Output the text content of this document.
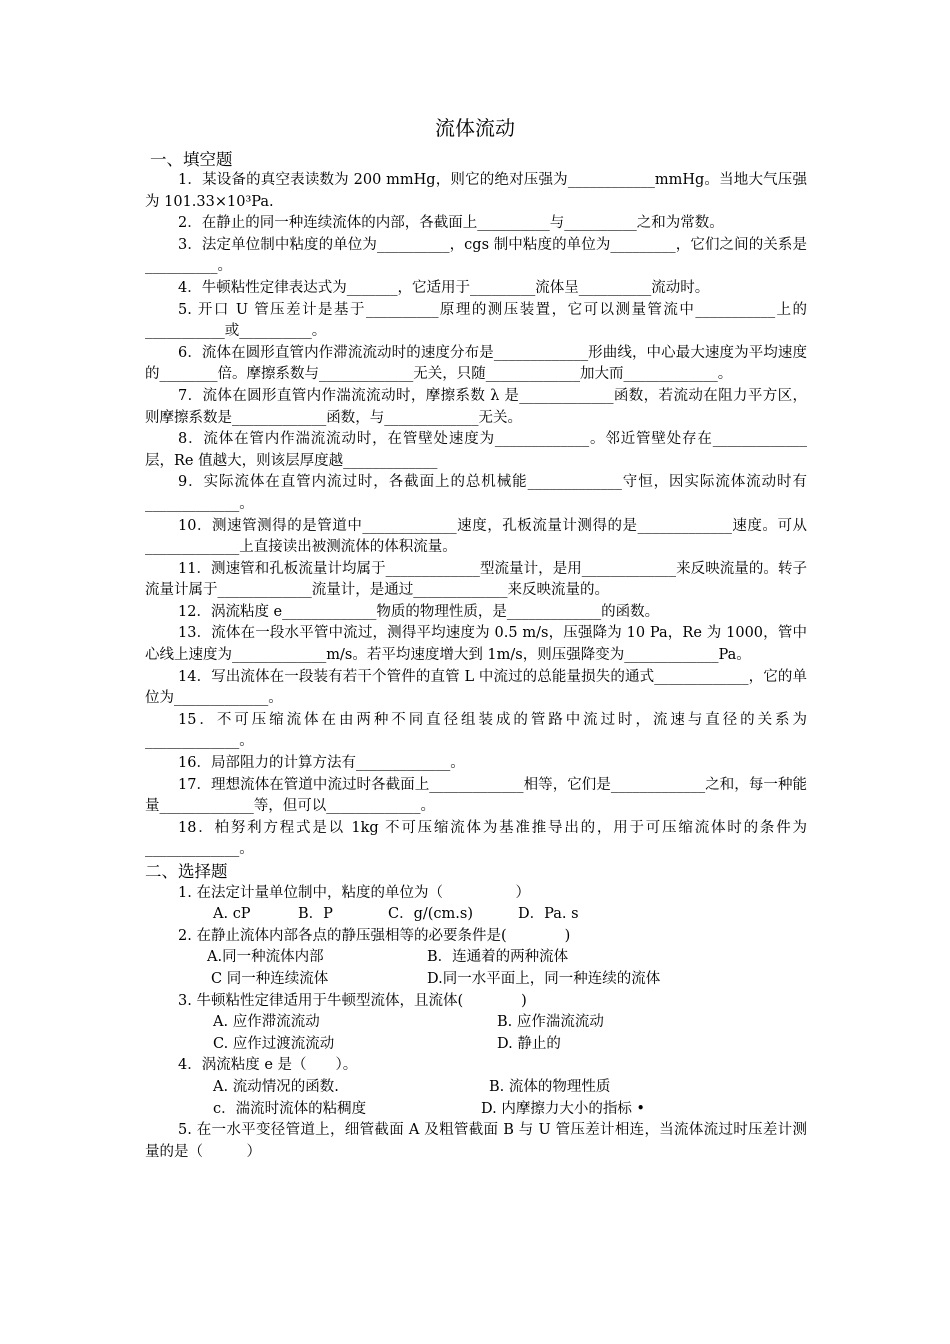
流体流动
一、填空题

1．某设备的真空表读数为 200 mmHg，则它的绝对压强为____________mmHg。当地大气压强为 101.33×10³Pa.

2．在静止的同一种连续流体的内部，各截面上__________与__________之和为常数。

3．法定单位制中粘度的单位为__________，cgs 制中粘度的单位为_________，它们之间的关系是__________。

4．牛顿粘性定律表达式为_______，它适用于_________流体呈__________流动时。

5. 开口 U 管压差计是基于__________原理的测压装置，它可以测量管流中___________上的___________或__________。

6．流体在圆形直管内作滞流流动时的速度分布是_____________形曲线，中心最大速度为平均速度的________倍。摩擦系数与_____________无关，只随_____________加大而_____________。

7．流体在圆形直管内作湍流流动时，摩擦系数 λ 是_____________函数，若流动在阻力平方区，则摩擦系数是_____________函数，与_____________无关。

8．流体在管内作湍流流动时，在管壁处速度为_____________。邻近管壁处存在_____________层，Re 值越大，则该层厚度越_____________

9．实际流体在直管内流过时，各截面上的总机械能_____________守恒，因实际流体流动时有_____________。

10．测速管测得的是管道中_____________速度，孔板流量计测得的是_____________速度。可从_____________上直接读出被测流体的体积流量。

11．测速管和孔板流量计均属于_____________型流量计，是用_____________来反映流量的。转子流量计属于_____________流量计，是通过_____________来反映流量的。

12．涡流粘度 e_____________物质的物理性质，是_____________的函数。

13．流体在一段水平管中流过，测得平均速度为 0.5 m/s，压强降为 10 Pa，Re 为 1000，管中心线上速度为_____________m/s。若平均速度增大到 1m/s，则压强降变为_____________Pa。

14．写出流体在一段装有若干个管件的直管 L 中流过的总能量损失的通式_____________，它的单位为_____________。

15．不可压缩流体在由两种不同直径组装成的管路中流过时，流速与直径的关系为_____________。

16．局部阻力的计算方法有_____________。

17．理想流体在管道中流过时各截面上_____________相等，它们是_____________之和，每一种能量_____________等，但可以_____________。

18．柏努利方程式是以 1kg 不可压缩流体为基准推导出的，用于可压缩流体时的条件为_____________。

二、选择题

1. 在法定计量单位制中，粘度的单位为（　　　　　）

A. cP	B．P	C．g/(cm.s)	D．Pa. s

2. 在静止流体内部各点的静压强相等的必要条件是(　　　　)

A.同一种流体内部	B．连通着的两种流体

C 同一种连续流体	D.同一水平面上，同一种连续的流体

3. 牛顿粘性定律适用于牛顿型流体，且流体(　　　　)

A. 应作滞流流动	B. 应作湍流流动

C. 应作过渡流流动	D. 静止的

4．涡流粘度 e 是（　　）。

A. 流动情况的函数.	B. 流体的物理性质

c．湍流时流体的粘稠度	D. 内摩擦力大小的指标 •

5. 在一水平变径管道上，细管截面 A 及粗管截面 B 与 U 管压差计相连，当流体流过时压差计测量的是（　　　）
